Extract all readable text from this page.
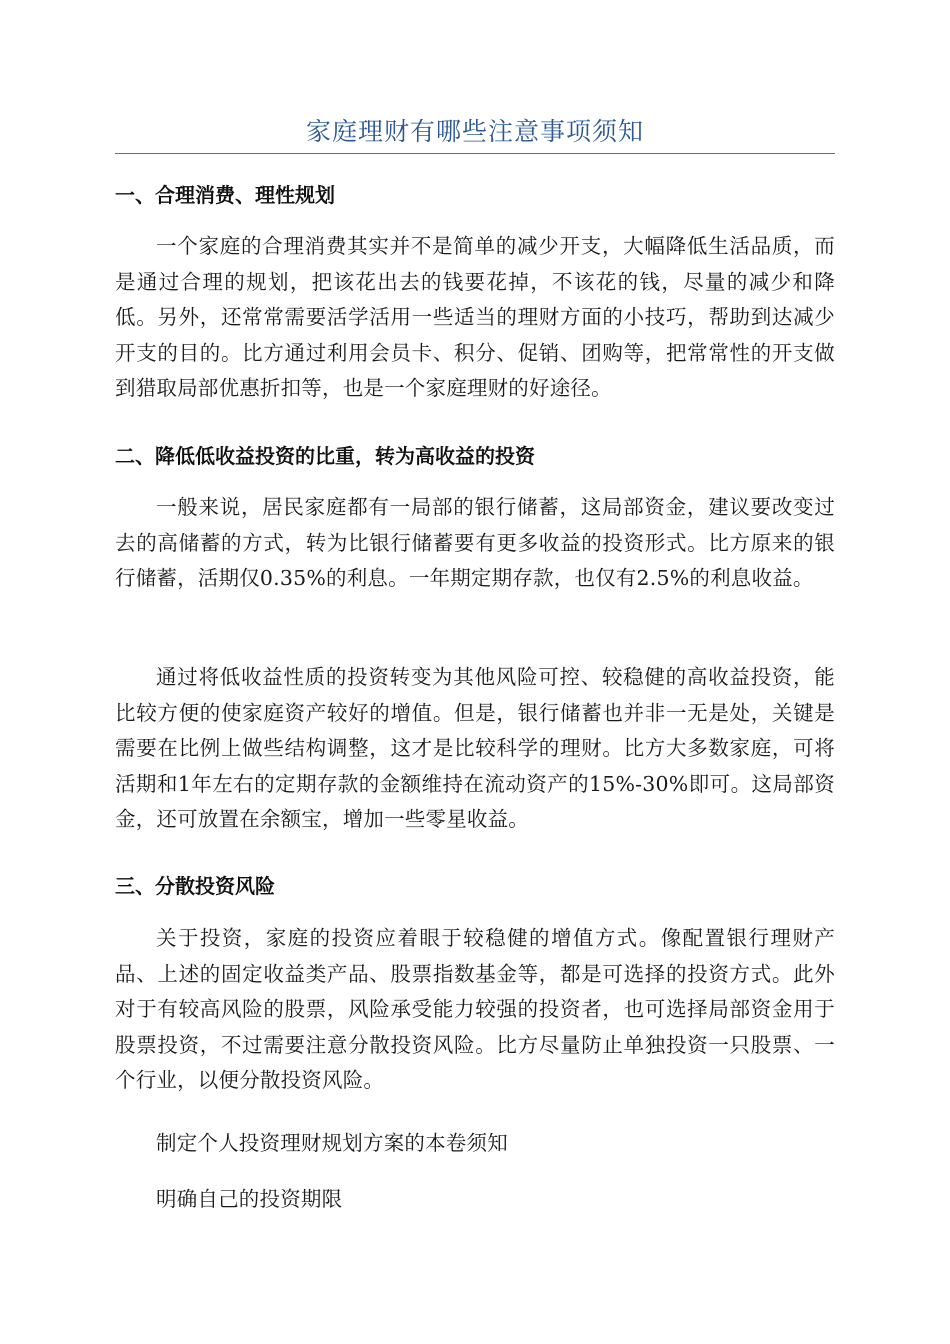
家庭理财有哪些注意事项须知
一、合理消费、理性规划

一个家庭的合理消费其实并不是简单的减少开支，大幅降低生活品质，而是通过合理的规划，把该花出去的钱要花掉，不该花的钱，尽量的减少和降低。另外，还常常需要活学活用一些适当的理财方面的小技巧，帮助到达减少开支的目的。比方通过利用会员卡、积分、促销、团购等，把常常性的开支做到猎取局部优惠折扣等，也是一个家庭理财的好途径。

二、降低低收益投资的比重，转为高收益的投资

一般来说，居民家庭都有一局部的银行储蓄，这局部资金，建议要改变过去的高储蓄的方式，转为比银行储蓄要有更多收益的投资形式。比方原来的银行储蓄，活期仅0.35%的利息。一年期定期存款，也仅有2.5%的利息收益。

通过将低收益性质的投资转变为其他风险可控、较稳健的高收益投资，能比较方便的使家庭资产较好的增值。但是，银行储蓄也并非一无是处，关键是需要在比例上做些结构调整，这才是比较科学的理财。比方大多数家庭，可将活期和1年左右的定期存款的金额维持在流动资产的15%-30%即可。这局部资金，还可放置在余额宝，增加一些零星收益。

三、分散投资风险

关于投资，家庭的投资应着眼于较稳健的增值方式。像配置银行理财产品、上述的固定收益类产品、股票指数基金等，都是可选择的投资方式。此外对于有较高风险的股票，风险承受能力较强的投资者，也可选择局部资金用于股票投资，不过需要注意分散投资风险。比方尽量防止单独投资一只股票、一个行业，以便分散投资风险。

制定个人投资理财规划方案的本卷须知

明确自己的投资期限
